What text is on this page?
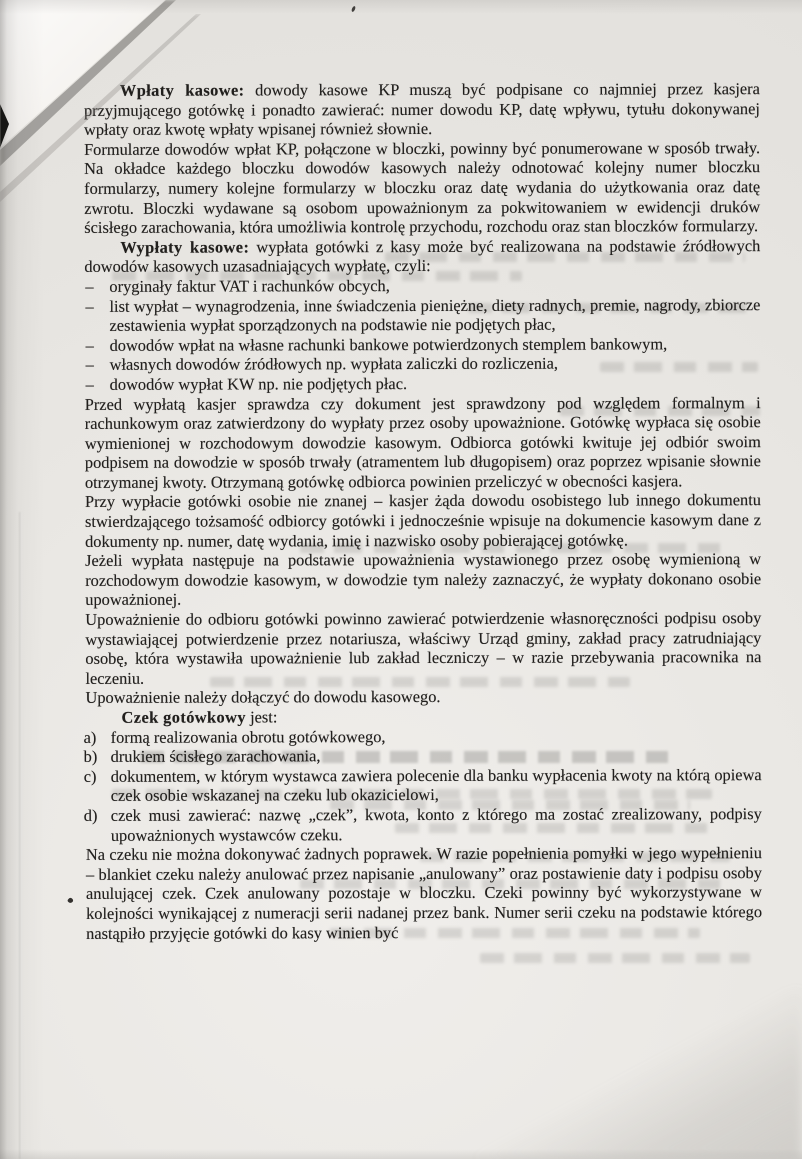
Wpłaty kasowe: dowody kasowe KP muszą być podpisane co najmniej przez kasjera przyjmującego gotówkę i ponadto zawierać: numer dowodu KP, datę wpływu, tytułu dokonywanej wpłaty oraz kwotę wpłaty wpisanej również słownie.

Formularze dowodów wpłat KP, połączone w bloczki, powinny być ponumerowane w sposób trwały. Na okładce każdego bloczku dowodów kasowych należy odnotować kolejny numer bloczku formularzy, numery kolejne formularzy w bloczku oraz datę wydania do użytkowania oraz datę zwrotu. Bloczki wydawane są osobom upoważnionym za pokwitowaniem w ewidencji druków ścisłego zarachowania, która umożliwia kontrolę przychodu, rozchodu oraz stan bloczków formularzy.

Wypłaty kasowe: wypłata gotówki z kasy może być realizowana na podstawie źródłowych dowodów kasowych uzasadniających wypłatę, czyli:

– oryginały faktur VAT i rachunków obcych,
– list wypłat – wynagrodzenia, inne świadczenia pieniężne, diety radnych, premie, nagrody, zbiorcze zestawienia wypłat sporządzonych na podstawie nie podjętych płac,
– dowodów wpłat na własne rachunki bankowe potwierdzonych stemplem bankowym,
– własnych dowodów źródłowych np. wypłata zaliczki do rozliczenia,
– dowodów wypłat KW np. nie podjętych płac.

Przed wypłatą kasjer sprawdza czy dokument jest sprawdzony pod względem formalnym i rachunkowym oraz zatwierdzony do wypłaty przez osoby upoważnione. Gotówkę wypłaca się osobie wymienionej w rozchodowym dowodzie kasowym. Odbiorca gotówki kwituje jej odbiór swoim podpisem na dowodzie w sposób trwały (atramentem lub długopisem) oraz poprzez wpisanie słownie otrzymanej kwoty. Otrzymaną gotówkę odbiorca powinien przeliczyć w obecności kasjera.

Przy wypłacie gotówki osobie nie znanej – kasjer żąda dowodu osobistego lub innego dokumentu stwierdzającego tożsamość odbiorcy gotówki i jednocześnie wpisuje na dokumencie kasowym dane z dokumenty np. numer, datę wydania, imię i nazwisko osoby pobierającej gotówkę.

Jeżeli wypłata następuje na podstawie upoważnienia wystawionego przez osobę wymienioną w rozchodowym dowodzie kasowym, w dowodzie tym należy zaznaczyć, że wypłaty dokonano osobie upoważnionej.

Upoważnienie do odbioru gotówki powinno zawierać potwierdzenie własnoręczności podpisu osoby wystawiającej potwierdzenie przez notariusza, właściwy Urząd gminy, zakład pracy zatrudniający osobę, która wystawiła upoważnienie lub zakład leczniczy – w razie przebywania pracownika na leczeniu.

Upoważnienie należy dołączyć do dowodu kasowego.

Czek gotówkowy jest:

a) formą realizowania obrotu gotówkowego,
b) drukiem ścisłego zarachowania,
c) dokumentem, w którym wystawca zawiera polecenie dla banku wypłacenia kwoty na którą opiewa czek osobie wskazanej na czeku lub okazicielowi,
d) czek musi zawierać: nazwę „czek”, kwota, konto z którego ma zostać zrealizowany, podpisy upoważnionych wystawców czeku.

Na czeku nie można dokonywać żadnych poprawek. W razie popełnienia pomyłki w jego wypełnieniu – blankiet czeku należy anulować przez napisanie „anulowany” oraz postawienie daty i podpisu osoby anulującej czek. Czek anulowany pozostaje w bloczku. Czeki powinny być wykorzystywane w kolejności wynikającej z numeracji serii nadanej przez bank. Numer serii czeku na podstawie którego nastąpiło przyjęcie gotówki do kasy winien być
